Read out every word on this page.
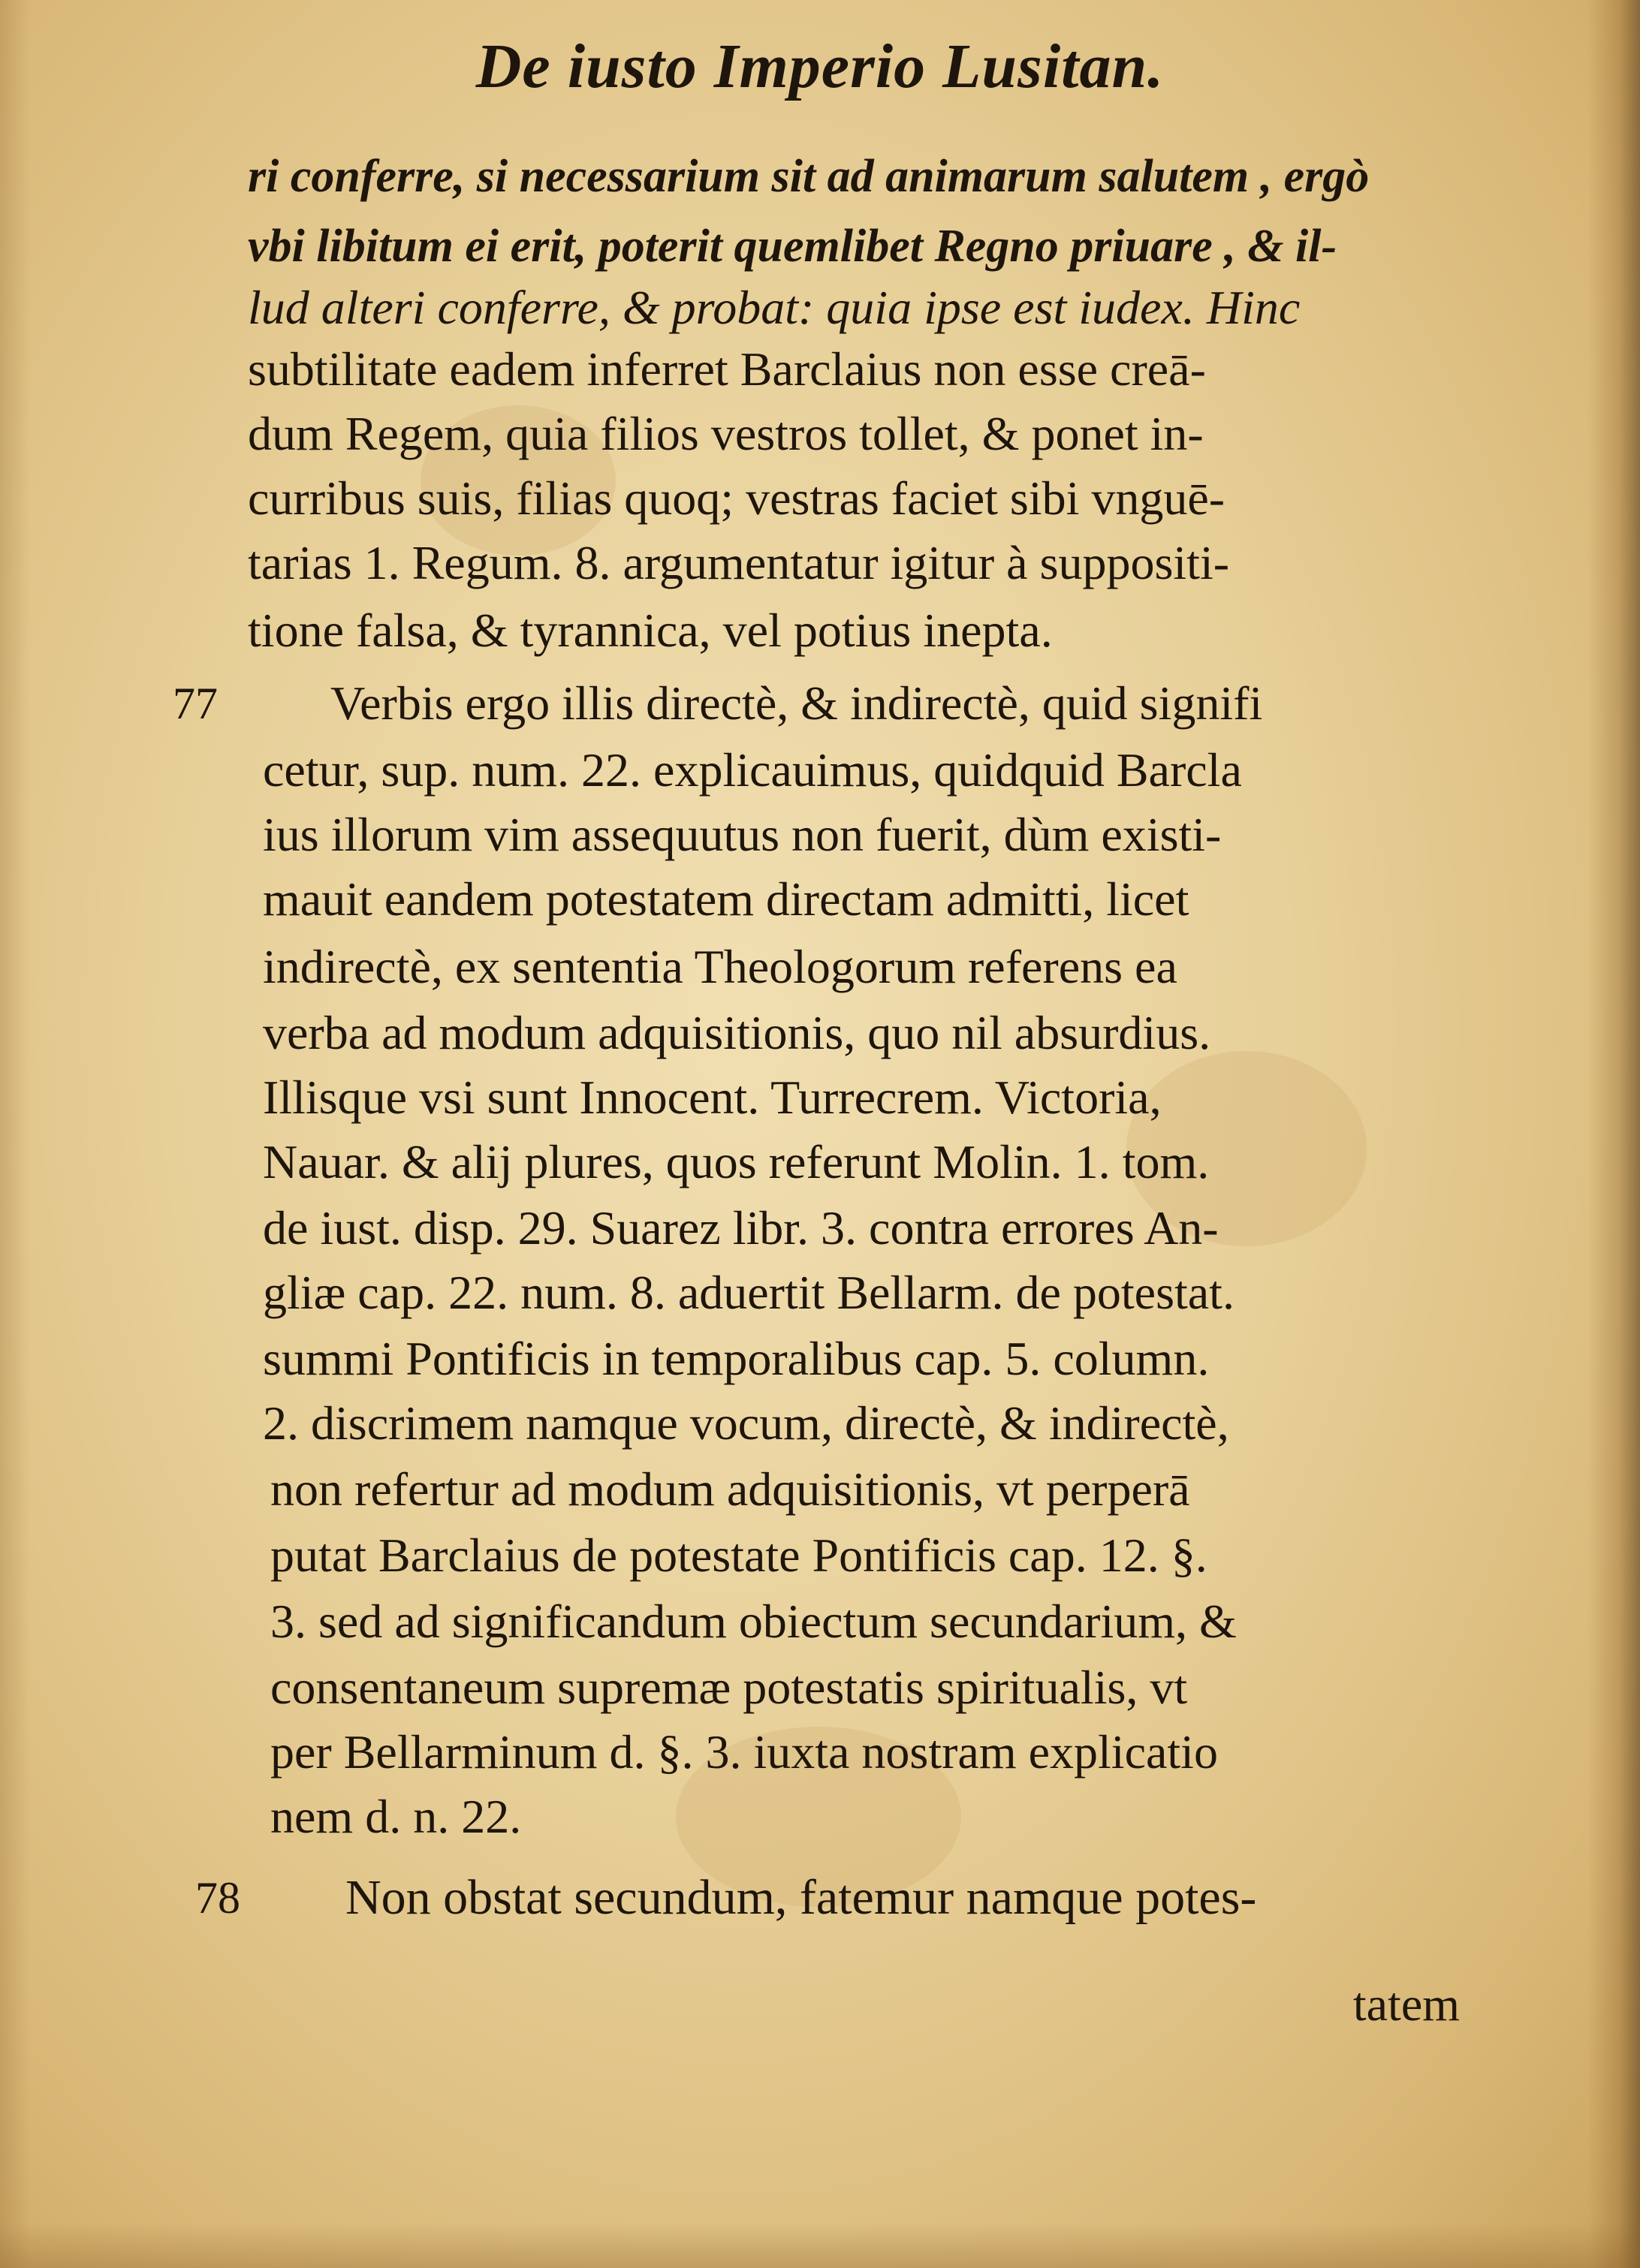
De iusto Imperio Lusitan.
ri conferre, si necessarium sit ad animarum salutem , ergò
vbi libitum ei erit, poterit quemlibet Regno priuare , & il-
lud alteri conferre, & probat: quia ipse est iudex. Hinc
subtilitate eadem inferret Barclaius non esse creā-
dum Regem, quia filios vestros tollet, & ponet in-
curribus suis, filias quoq; vestras faciet sibi vnguē-
tarias 1. Regum. 8. argumentatur igitur à suppositi-
tione falsa, & tyrannica, vel potius inepta.
77 Verbis ergo illis directè, & indirectè, quid signifi
cetur, sup. num. 22. explicauimus, quidquid Barcla
ius illorum vim assequutus non fuerit, dùm existi-
mauit eandem potestatem directam admitti, licet
indirectè, ex sententia Theologorum referens ea
verba ad modum adquisitionis, quo nil absurdius.
Illisque vsi sunt Innocent. Turrecrem. Victoria,
Nauar. & alij plures, quos referunt Molin. 1. tom.
de iust. disp. 29. Suarez libr. 3. contra errores An-
gliæ cap. 22. num. 8. aduertit Bellarm. de potestat.
summi Pontificis in temporalibus cap. 5. column.
2. discrimem namque vocum, directè, & indirectè,
non refertur ad modum adquisitionis, vt perperā
putat Barclaius de potestate Pontificis cap. 12. §.
3. sed ad significandum obiectum secundarium, &
consentaneum supremæ potestatis spiritualis, vt
per Bellarminum d. §. 3. iuxta nostram explicatio
nem d. n. 22.
78 Non obstat secundum, fatemur namque potes-
tatem
